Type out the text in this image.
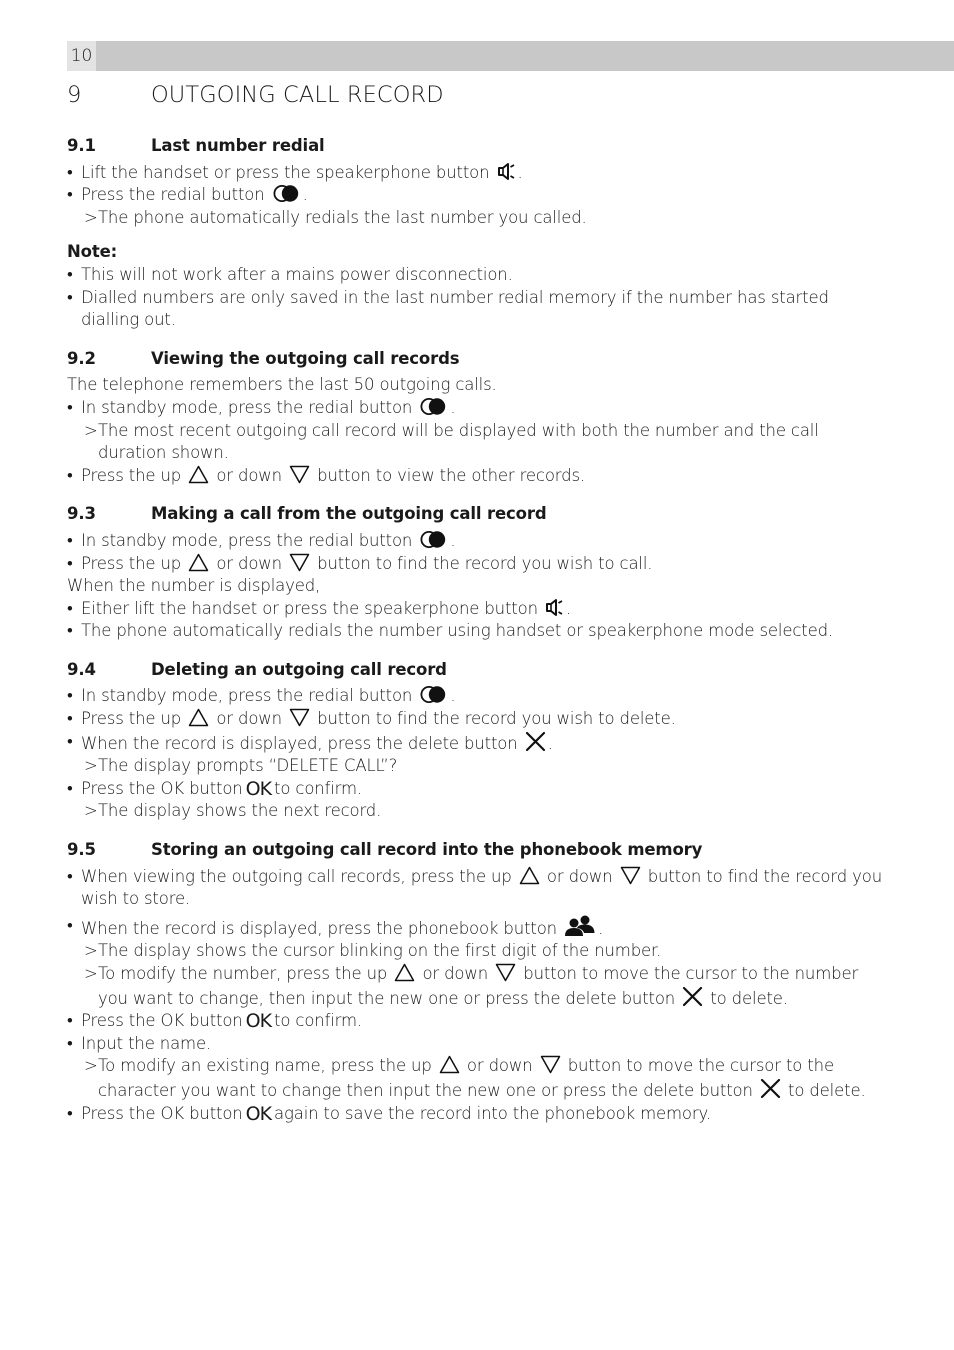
10
9	OUTGOING CALL RECORD
9.1	Last number redial
• Lift the handset or press the speakerphone button .
• Press the redial button .
> The phone automatically redials the last number you called.
Note:
• This will not work after a mains power disconnection.
• Dialled numbers are only saved in the last number redial memory if the number has started dialling out.
9.2	Viewing the outgoing call records
The telephone remembers the last 50 outgoing calls.
• In standby mode, press the redial button .
> The most recent outgoing call record will be displayed with both the number and the call duration shown.
• Press the up or down button to view the other records.
9.3	Making a call from the outgoing call record
• In standby mode, press the redial button .
• Press the up or down button to find the record you wish to call.
When the number is displayed,
• Either lift the handset or press the speakerphone button .
• The phone automatically redials the number using handset or speakerphone mode selected.
9.4	Deleting an outgoing call record
• In standby mode, press the redial button .
• Press the up or down button to find the record you wish to delete.
• When the record is displayed, press the delete button .
> The display prompts “DELETE CALL”?
• Press the OK button OK to confirm.
> The display shows the next record.
9.5	Storing an outgoing call record into the phonebook memory
• When viewing the outgoing call records, press the up or down button to find the record you wish to store.
• When the record is displayed, press the phonebook button .
> The display shows the cursor blinking on the first digit of the number.
> To modify the number, press the up or down button to move the cursor to the number you want to change, then input the new one or press the delete button to delete.
• Press the OK button OK to confirm.
• Input the name.
> To modify an existing name, press the up or down button to move the cursor to the character you want to change then input the new one or press the delete button to delete.
• Press the OK button OK again to save the record into the phonebook memory.
